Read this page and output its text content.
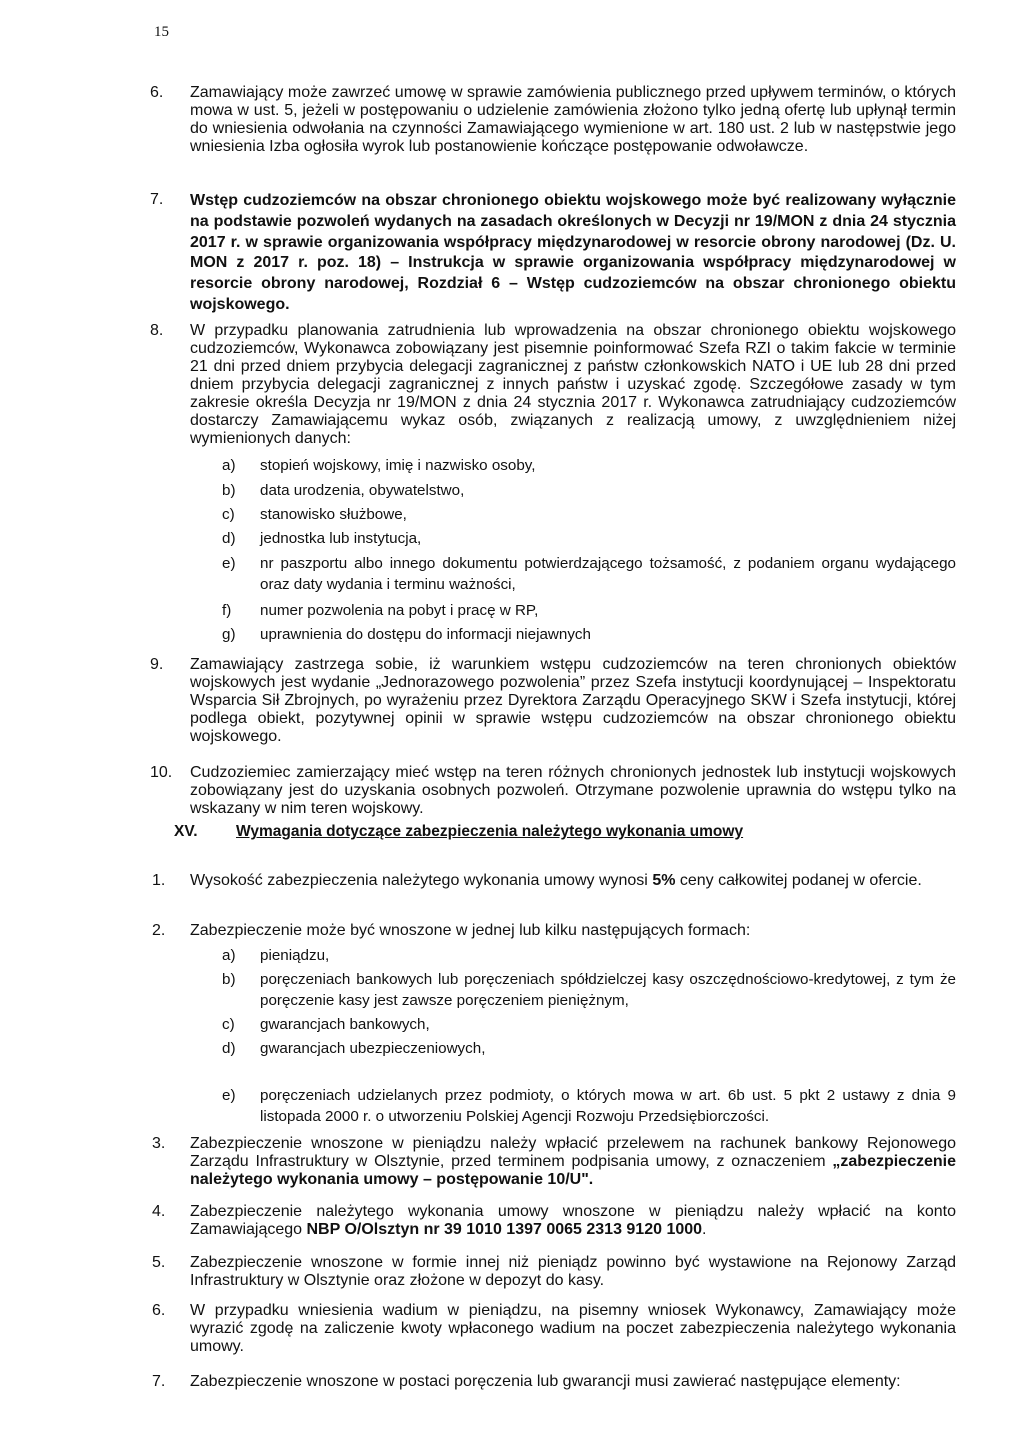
15
6.	Zamawiający może zawrzeć umowę w sprawie zamówienia publicznego przed upływem terminów, o których mowa w ust. 5, jeżeli w postępowaniu o udzielenie zamówienia złożono tylko jedną ofertę lub upłynął termin do wniesienia odwołania na czynności Zamawiającego wymienione w art. 180 ust. 2 lub w następstwie jego wniesienia Izba ogłosiła wyrok lub postanowienie kończące postępowanie odwoławcze.
7.	Wstęp cudzoziemców na obszar chronionego obiektu wojskowego może być realizowany wyłącznie na podstawie pozwoleń wydanych na zasadach określonych w Decyzji nr 19/MON z dnia 24 stycznia 2017 r. w sprawie organizowania współpracy międzynarodowej w resorcie obrony narodowej (Dz. U. MON z 2017 r. poz. 18) – Instrukcja w sprawie organizowania współpracy międzynarodowej w resorcie obrony narodowej, Rozdział 6 – Wstęp cudzoziemców na obszar chronionego obiektu wojskowego.
8.	W przypadku planowania zatrudnienia lub wprowadzenia na obszar chronionego obiektu wojskowego cudzoziemców, Wykonawca zobowiązany jest pisemnie poinformować Szefa RZI o takim fakcie w terminie 21 dni przed dniem przybycia delegacji zagranicznej z państw członkowskich NATO i UE lub 28 dni przed dniem przybycia delegacji zagranicznej z innych państw i uzyskać zgodę. Szczegółowe zasady w tym zakresie określa Decyzja nr 19/MON z dnia 24 stycznia 2017 r. Wykonawca zatrudniający cudzoziemców dostarczy Zamawiającemu wykaz osób, związanych z realizacją umowy, z uwzględnieniem niżej wymienionych danych:
a)	stopień wojskowy, imię i nazwisko osoby,
b)	data urodzenia, obywatelstwo,
c)	stanowisko służbowe,
d)	jednostka lub instytucja,
e)	nr paszportu albo innego dokumentu potwierdzającego tożsamość, z podaniem organu wydającego oraz daty wydania i terminu ważności,
f)	numer pozwolenia na pobyt i pracę w RP,
g)	uprawnienia do dostępu do informacji niejawnych
9.	Zamawiający zastrzega sobie, iż warunkiem wstępu cudzoziemców na teren chronionych obiektów wojskowych jest wydanie „Jednorazowego pozwolenia” przez Szefa instytucji koordynującej – Inspektoratu Wsparcia Sił Zbrojnych, po wyrażeniu przez Dyrektora Zarządu Operacyjnego SKW i Szefa instytucji, której podlega obiekt, pozytywnej opinii w sprawie wstępu cudzoziemców na obszar chronionego obiektu wojskowego.
10.	Cudzoziemiec zamierzający mieć wstęp na teren różnych chronionych jednostek lub instytucji wojskowych zobowiązany jest do uzyskania osobnych pozwoleń. Otrzymane pozwolenie uprawnia do wstępu tylko na wskazany w nim teren wojskowy.
XV. Wymagania dotyczące zabezpieczenia należytego wykonania umowy
1.	Wysokość zabezpieczenia należytego wykonania umowy wynosi 5% ceny całkowitej podanej w ofercie.
2.	Zabezpieczenie może być wnoszone w jednej lub kilku następujących formach:
a)	pieniądzu,
b)	poręczeniach bankowych lub poręczeniach spółdzielczej kasy oszczędnościowo-kredytowej, z tym że poręczenie kasy jest zawsze poręczeniem pieniężnym,
c)	gwarancjach bankowych,
d)	gwarancjach ubezpieczeniowych,
e)	poręczeniach udzielanych przez podmioty, o których mowa w art. 6b ust. 5 pkt 2 ustawy z dnia 9 listopada 2000 r. o utworzeniu Polskiej Agencji Rozwoju Przedsiębiorczości.
3.	Zabezpieczenie wnoszone w pieniądzu należy wpłacić przelewem na rachunek bankowy Rejonowego Zarządu Infrastruktury w Olsztynie, przed terminem podpisania umowy, z oznaczeniem „zabezpieczenie należytego wykonania umowy – postępowanie 10/U".
4.	Zabezpieczenie należytego wykonania umowy wnoszone w pieniądzu należy wpłacić na konto Zamawiającego NBP O/Olsztyn nr 39 1010 1397 0065 2313 9120 1000.
5.	Zabezpieczenie wnoszone w formie innej niż pieniądz powinno być wystawione na Rejonowy Zarząd Infrastruktury w Olsztynie oraz złożone w depozyt do kasy.
6.	W przypadku wniesienia wadium w pieniądzu, na pisemny wniosek Wykonawcy, Zamawiający może wyrazić zgodę na zaliczenie kwoty wpłaconego wadium na poczet zabezpieczenia należytego wykonania umowy.
7.	Zabezpieczenie wnoszone w postaci poręczenia lub gwarancji musi zawierać następujące elementy:
